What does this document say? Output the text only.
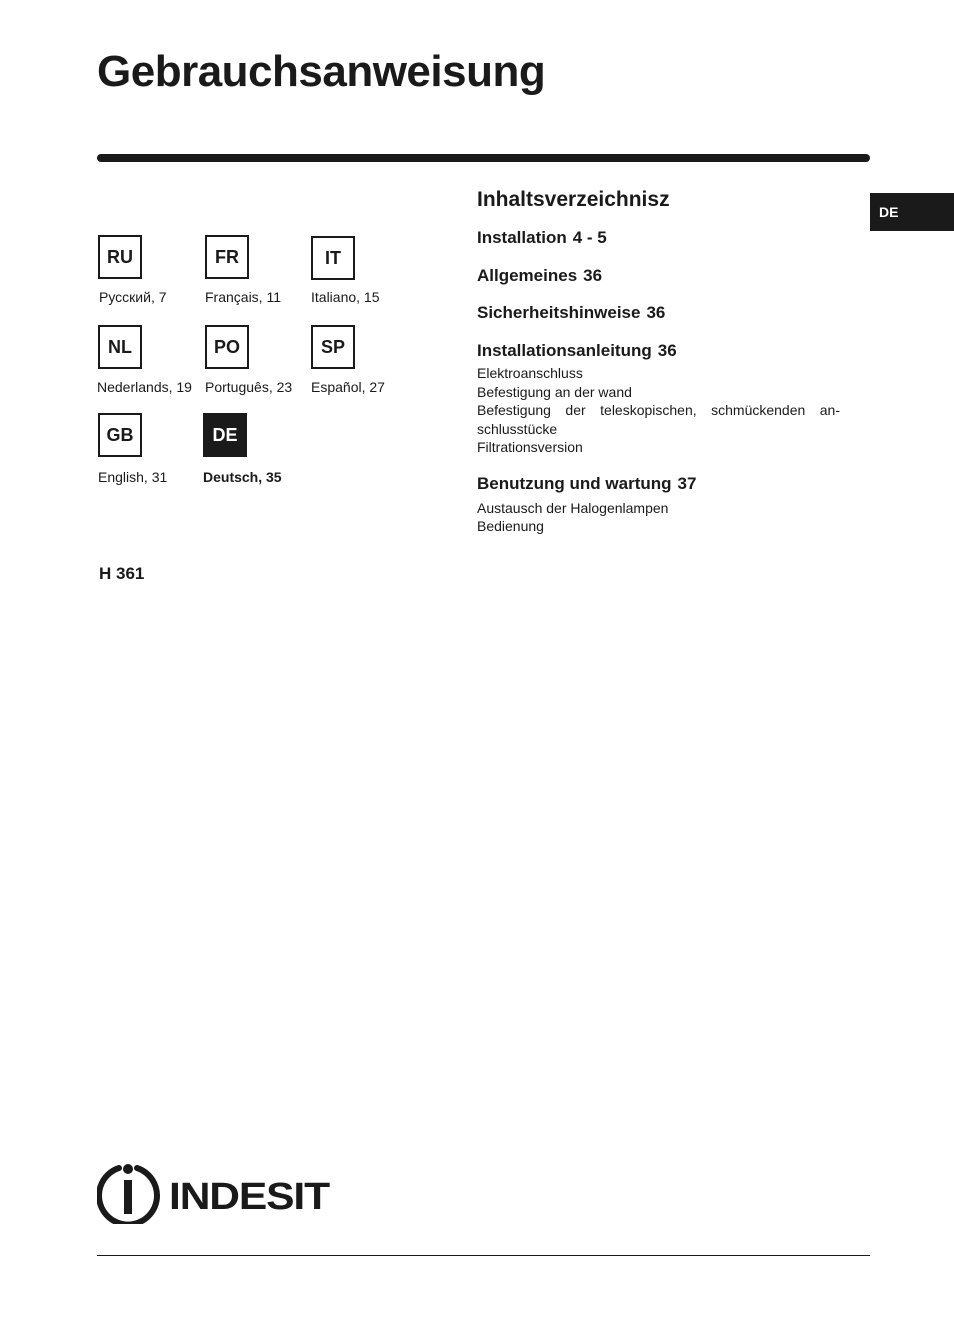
Gebrauchsanweisung
DE
RU
Русский, 7
FR
Français, 11
IT
Italiano, 15
NL
Nederlands, 19
PO
Português, 23
SP
Español, 27
GB
English, 31
DE
Deutsch, 35
H 361
Inhaltsverzeichnisz
Installation 4 - 5
Allgemeines 36
Sicherheitshinweise 36
Installationsanleitung 36
Elektroanschluss
Befestigung an der wand
Befestigung der teleskopischen, schmückenden an-schlusstücke
Filtrationsversion
Benutzung und wartung 37
Austausch der Halogenlampen
Bedienung
INDESIT
